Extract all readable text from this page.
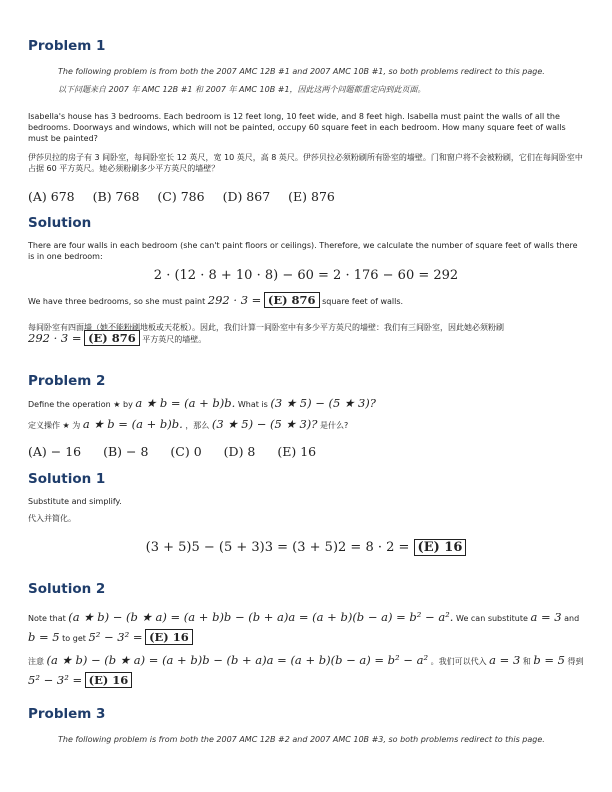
Problem 1
The following problem is from both the 2007 AMC 12B #1 and 2007 AMC 10B #1, so both problems redirect to this page.
以下问题来自 2007 年 AMC 12B #1 和 2007 年 AMC 10B #1，因此这两个问题都重定向到此页面。
Isabella's house has 3 bedrooms. Each bedroom is 12 feet long, 10 feet wide, and 8 feet high. Isabella must paint the walls of all the bedrooms. Doorways and windows, which will not be painted, occupy 60 square feet in each bedroom. How many square feet of walls must be painted?
伊莎贝拉的房子有 3 间卧室，每间卧室长 12 英尺，宽 10 英尺，高 8 英尺。伊莎贝拉必须粉刷所有卧室的墙壁。门和窗户将不会被粉刷，它们在每间卧室中占据 60 平方英尺。她必须粉刷多少平方英尺的墙壁？
(A) 678 (B) 768 (C) 786 (D) 867 (E) 876
Solution
There are four walls in each bedroom (she can't paint floors or ceilings). Therefore, we calculate the number of square feet of walls there is in one bedroom:
2 · (12 · 8 + 10 · 8) − 60 = 2 · 176 − 60 = 292
We have three bedrooms, so she must paint 292 · 3 = (E) 876 square feet of walls.
每间卧室有四面墙（她不能粉刷地板或天花板）。因此，我们计算一间卧室中有多少平方英尺的墙壁：我们有三间卧室，因此她必须粉刷
292 · 3 = (E) 876 平方英尺的墙壁。
Problem 2
Define the operation ★ by a ★ b = (a + b)b. What is (3 ★ 5) − (5 ★ 3)?
定义操作 ★ 为 a ★ b = (a + b)b. ，那么 (3 ★ 5) − (5 ★ 3)? 是什么?
(A) − 16 (B) − 8 (C) 0 (D) 8 (E) 16
Solution 1
Substitute and simplify.
代入并简化。
(3 + 5)5 − (5 + 3)3 = (3 + 5)2 = 8 · 2 = (E) 16
Solution 2
Note that (a ★ b) − (b ★ a) = (a + b)b − (b + a)a = (a + b)(b − a) = b² − a². We can substitute a = 3 and b = 5 to get 5² − 3² = (E) 16
注意 (a ★ b) − (b ★ a) = (a + b)b − (b + a)a = (a + b)(b − a) = b² − a² 。我们可以代入 a = 3 和 b = 5 得到 5² − 3² = (E) 16
Problem 3
The following problem is from both the 2007 AMC 12B #2 and 2007 AMC 10B #3, so both problems redirect to this page.
